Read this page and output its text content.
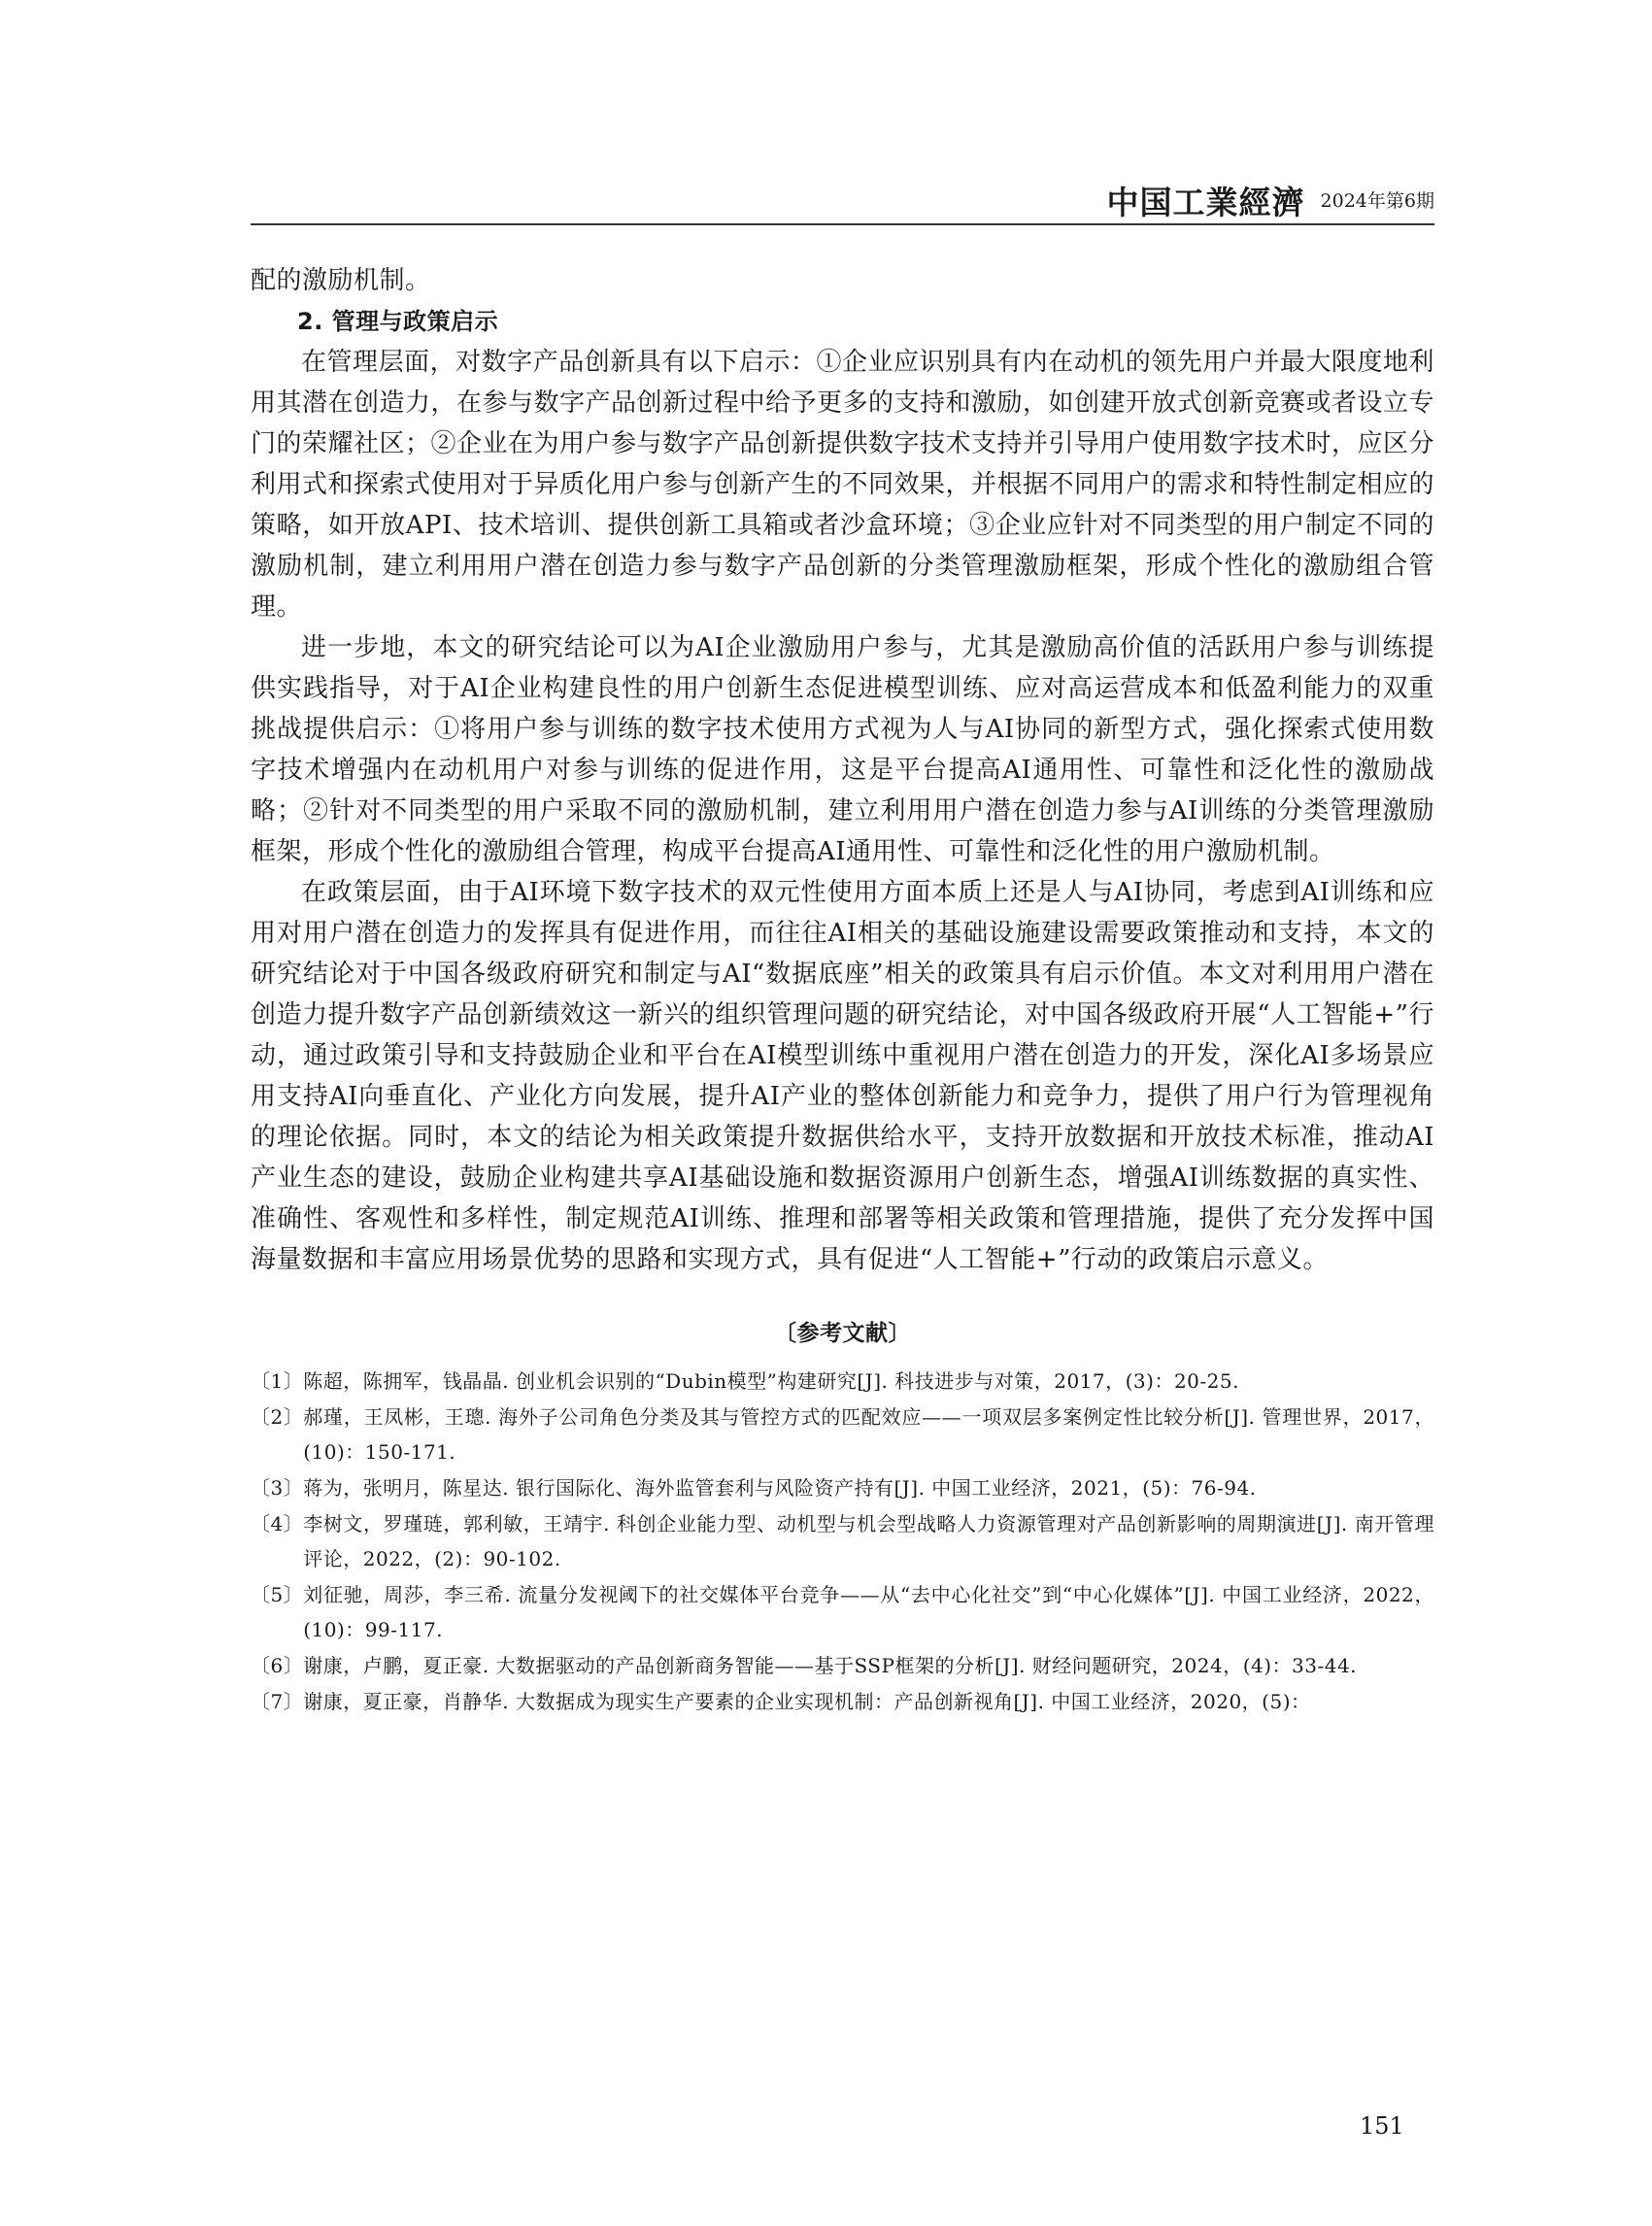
中国工業經濟 2024年第6期

配的激励机制。

2. 管理与政策启示

在管理层面，对数字产品创新具有以下启示：①企业应识别具有内在动机的领先用户并最大限度地利用其潜在创造力，在参与数字产品创新过程中给予更多的支持和激励，如创建开放式创新竞赛或者设立专门的荣耀社区；②企业在为用户参与数字产品创新提供数字技术支持并引导用户使用数字技术时，应区分利用式和探索式使用对于异质化用户参与创新产生的不同效果，并根据不同用户的需求和特性制定相应的策略，如开放API、技术培训、提供创新工具箱或者沙盒环境；③企业应针对不同类型的用户制定不同的激励机制，建立利用用户潜在创造力参与数字产品创新的分类管理激励框架，形成个性化的激励组合管理。

进一步地，本文的研究结论可以为AI企业激励用户参与，尤其是激励高价值的活跃用户参与训练提供实践指导，对于AI企业构建良性的用户创新生态促进模型训练、应对高运营成本和低盈利能力的双重挑战提供启示：①将用户参与训练的数字技术使用方式视为人与AI协同的新型方式，强化探索式使用数字技术增强内在动机用户对参与训练的促进作用，这是平台提高AI通用性、可靠性和泛化性的激励战略；②针对不同类型的用户采取不同的激励机制，建立利用用户潜在创造力参与AI训练的分类管理激励框架，形成个性化的激励组合管理，构成平台提高AI通用性、可靠性和泛化性的用户激励机制。

在政策层面，由于AI环境下数字技术的双元性使用方面本质上还是人与AI协同，考虑到AI训练和应用对用户潜在创造力的发挥具有促进作用，而往往AI相关的基础设施建设需要政策推动和支持，本文的研究结论对于中国各级政府研究和制定与AI“数据底座”相关的政策具有启示价值。本文对利用用户潜在创造力提升数字产品创新绩效这一新兴的组织管理问题的研究结论，对中国各级政府开展“人工智能+”行动，通过政策引导和支持鼓励企业和平台在AI模型训练中重视用户潜在创造力的开发，深化AI多场景应用支持AI向垂直化、产业化方向发展，提升AI产业的整体创新能力和竞争力，提供了用户行为管理视角的理论依据。同时，本文的结论为相关政策提升数据供给水平，支持开放数据和开放技术标准，推动AI产业生态的建设，鼓励企业构建共享AI基础设施和数据资源用户创新生态，增强AI训练数据的真实性、准确性、客观性和多样性，制定规范AI训练、推理和部署等相关政策和管理措施，提供了充分发挥中国海量数据和丰富应用场景优势的思路和实现方式，具有促进“人工智能+”行动的政策启示意义。

〔参考文献〕
〔1〕 陈超，陈拥军，钱晶晶. 创业机会识别的“Dubin模型”构建研究[J]. 科技进步与对策，2017，(3)：20-25.
〔2〕 郝瑾，王凤彬，王璁. 海外子公司角色分类及其与管控方式的匹配效应——一项双层多案例定性比较分析[J]. 管理世界，2017，(10)：150-171.
〔3〕 蒋为，张明月，陈星达. 银行国际化、海外监管套利与风险资产持有[J]. 中国工业经济，2021，(5)：76-94.
〔4〕 李树文，罗瑾琏，郭利敏，王靖宇. 科创企业能力型、动机型与机会型战略人力资源管理对产品创新影响的周期演进[J]. 南开管理评论，2022，(2)：90-102.
〔5〕 刘征驰，周莎，李三希. 流量分发视阈下的社交媒体平台竞争——从“去中心化社交”到“中心化媒体”[J]. 中国工业经济，2022，(10)：99-117.
〔6〕 谢康，卢鹏，夏正豪. 大数据驱动的产品创新商务智能——基于SSP框架的分析[J]. 财经问题研究，2024，(4)：33-44.
〔7〕 谢康，夏正豪，肖静华. 大数据成为现实生产要素的企业实现机制：产品创新视角[J]. 中国工业经济，2020，(5)：
151
